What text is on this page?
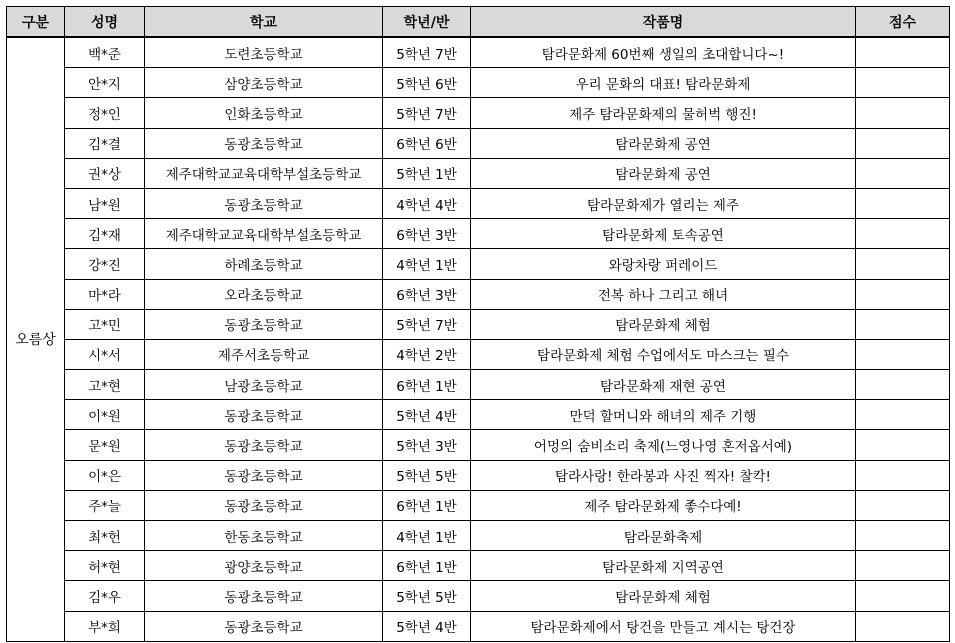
구분	성명	학교	학년/반	작품명	점수
오름상	백*준	도련초등학교	5학년 7반	탐라문화제 60번째 생일의 초대합니다~!	
	안*지	삼양초등학교	5학년 6반	우리 문화의 대표! 탐라문화제	
	정*인	인화초등학교	5학년 7반	제주 탐라문화제의 물허벅 행진!	
	김*결	동광초등학교	6학년 6반	탐라문화제 공연	
	권*상	제주대학교교육대학부설초등학교	5학년 1반	탐라문화제 공연	
	남*원	동광초등학교	4학년 4반	탐라문화제가 열리는 제주	
	김*재	제주대학교교육대학부설초등학교	6학년 3반	탐라문화제 토속공연	
	강*진	하례초등학교	4학년 1반	와랑차랑 퍼레이드	
	마*라	오라초등학교	6학년 3반	전복 하나 그리고 해녀	
	고*민	동광초등학교	5학년 7반	탐라문화제 체험	
	시*서	제주서초등학교	4학년 2반	탐라문화제 체험 수업에서도 마스크는 필수	
	고*현	남광초등학교	6학년 1반	탐라문화제 재현 공연	
	이*원	동광초등학교	5학년 4반	만덕 할머니와 해녀의 제주 기행	
	문*원	동광초등학교	5학년 3반	어멍의 숨비소리 축제(느영나영 혼저옵서예)	
	이*은	동광초등학교	5학년 5반	탐라사랑! 한라봉과 사진 찍자! 찰칵!	
	주*늘	동광초등학교	6학년 1반	제주 탐라문화제 좋수다예!	
	최*헌	한동초등학교	4학년 1반	탐라문화축제	
	허*현	광양초등학교	6학년 1반	탐라문화제 지역공연	
	김*우	동광초등학교	5학년 5반	탐라문화제 체험	
	부*희	동광초등학교	5학년 4반	탐라문화제에서 탕건을 만들고 계시는 탕건장	
